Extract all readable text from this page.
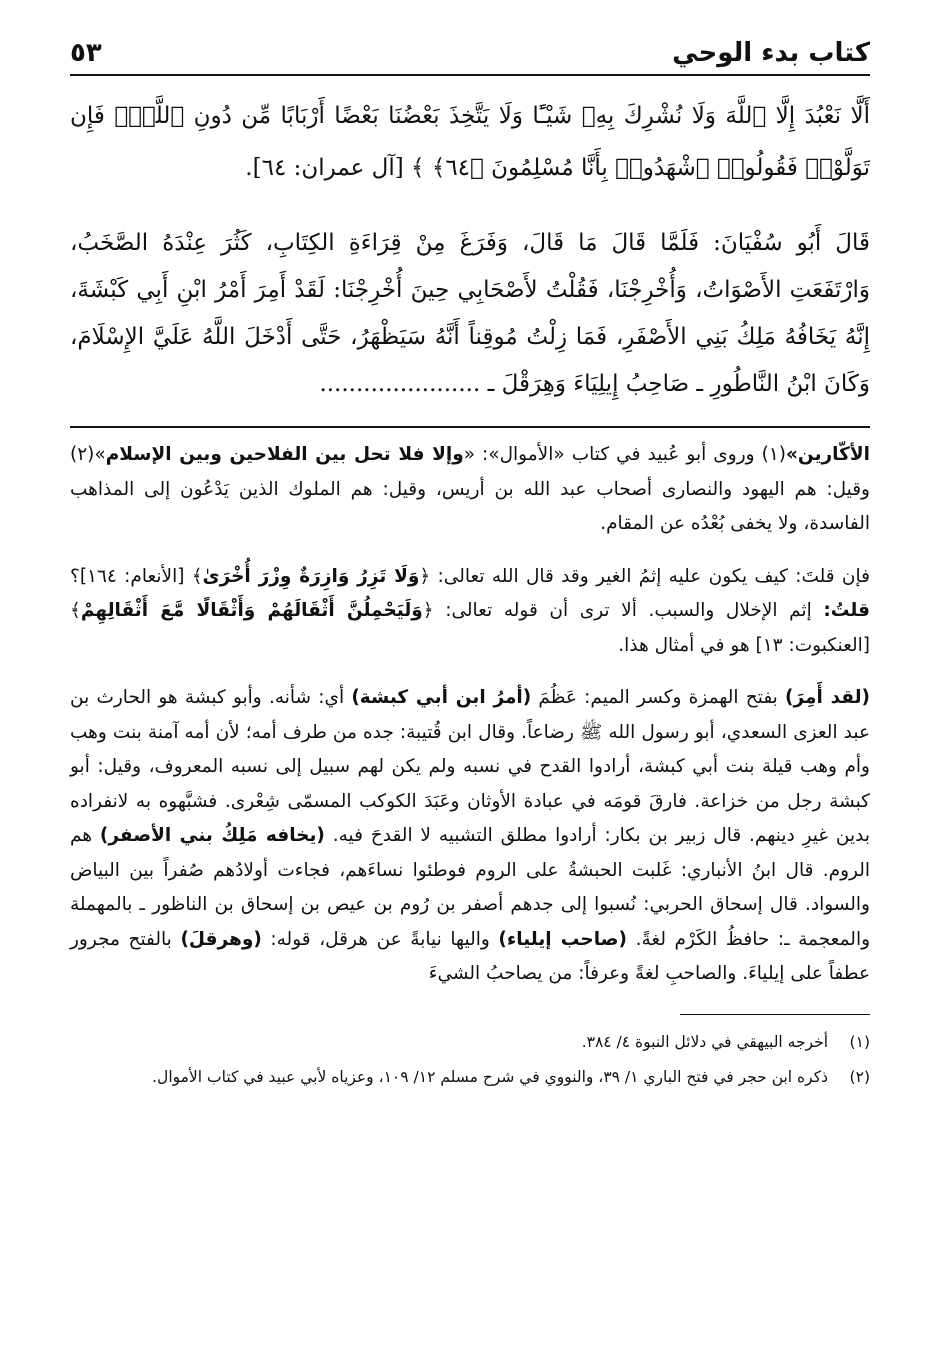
كتاب بدء الوحي
٥٣
أَلَّا نَعْبُدَ إِلَّا ٱللَّهَ وَلَا نُشْرِكَ بِهِۦ شَيْـًٔا وَلَا يَتَّخِذَ بَعْضُنَا بَعْضًا أَرْبَابًا مِّن دُونِ ٱللَّهِۚ فَإِن تَوَلَّوْا۟ فَقُولُوا۟ ٱشْهَدُوا۟ بِأَنَّا مُسْلِمُونَ ﴿٦٤﴾ ﴾ [آل عمران: ٦٤].
قَالَ أَبُو سُفْيَانَ: فَلَمَّا قَالَ مَا قَالَ، وَفَرَغَ مِنْ قِرَاءَةِ الكِتَابِ، كَثُرَ عِنْدَهُ الصَّخَبُ، وَارْتَفَعَتِ الأَصْوَاتُ، وَأُخْرِجْنَا، فَقُلْتُ لأَصْحَابِي حِينَ أُخْرِجْنَا: لَقَدْ أَمِرَ أَمْرُ ابْنِ أَبِي كَبْشَةَ، إِنَّهُ يَخَافُهُ مَلِكُ بَنِي الأَصْفَرِ، فَمَا زِلْتُ مُوقِناً أَنَّهُ سَيَظْهَرُ، حَتَّى أَدْخَلَ اللَّهُ عَلَيَّ الإِسْلَامَ، وَكَانَ ابْنُ النَّاطُورِ ـ صَاحِبُ إِيلِيَاءَ وَهِرَقْلَ ـ ......................

الأكّارين»(١) وروى أبو عُبيد في كتاب «الأموال»: «وإلا فلا تحل بين الفلاحين وبين الإسلام»(٢) وقيل: هم اليهود والنصارى أصحاب عبد الله بن أريس، وقيل: هم الملوك الذين يَدْعُون إلى المذاهب الفاسدة، ولا يخفى بُعْدُه عن المقام.

فإن قلتَ: كيف يكون عليه إثمُ الغير وقد قال الله تعالى: ﴿وَلَا تَزِرُ وَازِرَةٌ وِزْرَ أُخْرَىٰ﴾ [الأنعام: ١٦٤]؟ قلتُ: إثم الإخلال والسبب. ألا ترى أن قوله تعالى: ﴿وَلَيَحْمِلُنَّ أَثْقَالَهُمْ وَأَثْقَالًا مَّعَ أَثْقَالِهِمْ﴾ [العنكبوت: ١٣] هو في أمثال هذا.

(لقد أَمِرَ) بفتح الهمزة وكسر الميم: عَظُمَ (أمرُ ابن أبي كبشة) أي: شأنه. وأبو كبشة هو الحارث بن عبد العزى السعدي، أبو رسول الله ﷺ رضاعاً. وقال ابن قُتيبة: جده من طرف أمه؛ لأن أمه آمنة بنت وهب وأم وهب قيلة بنت أبي كبشة، أرادوا القدح في نسبه ولم يكن لهم سبيل إلى نسبه المعروف، وقيل: أبو كبشة رجل من خزاعة. فارقَ قومَه في عبادة الأوثان وعَبَدَ الكوكب المسمّى شِعْرى. فشبَّهوه به لانفراده بدين غيرِ دينهم. قال زبير بن بكار: أرادوا مطلق التشبيه لا القدحَ فيه. (يخافه مَلِكُ بني الأصفر) هم الروم. قال ابنُ الأنباري: غَلبت الحبشةُ على الروم فوطئوا نساءَهم، فجاءت أولادُهم صُفراً بين البياض والسواد. قال إسحاق الحربي: نُسبوا إلى جدهم أصفر بن رُوم بن عيص بن إسحاق بن الناظور ـ بالمهملة والمعجمة ـ: حافظُ الكَرْم لغةً. (صاحب إيلياء) واليها نيابةً عن هرقل، قوله: (وهرقلَ) بالفتح مجرور عطفاً على إيلياءَ. والصاحبِ لغةً وعرفاً: من يصاحبُ الشيءَ

(١)
أخرجه البيهقي في دلائل النبوة ٤/ ٣٨٤.
(٢)
ذكره ابن حجر في فتح الباري ١/ ٣٩، والنووي في شرح مسلم ١٢/ ١٠٩، وعزياه لأبي عبيد في كتاب الأموال.
